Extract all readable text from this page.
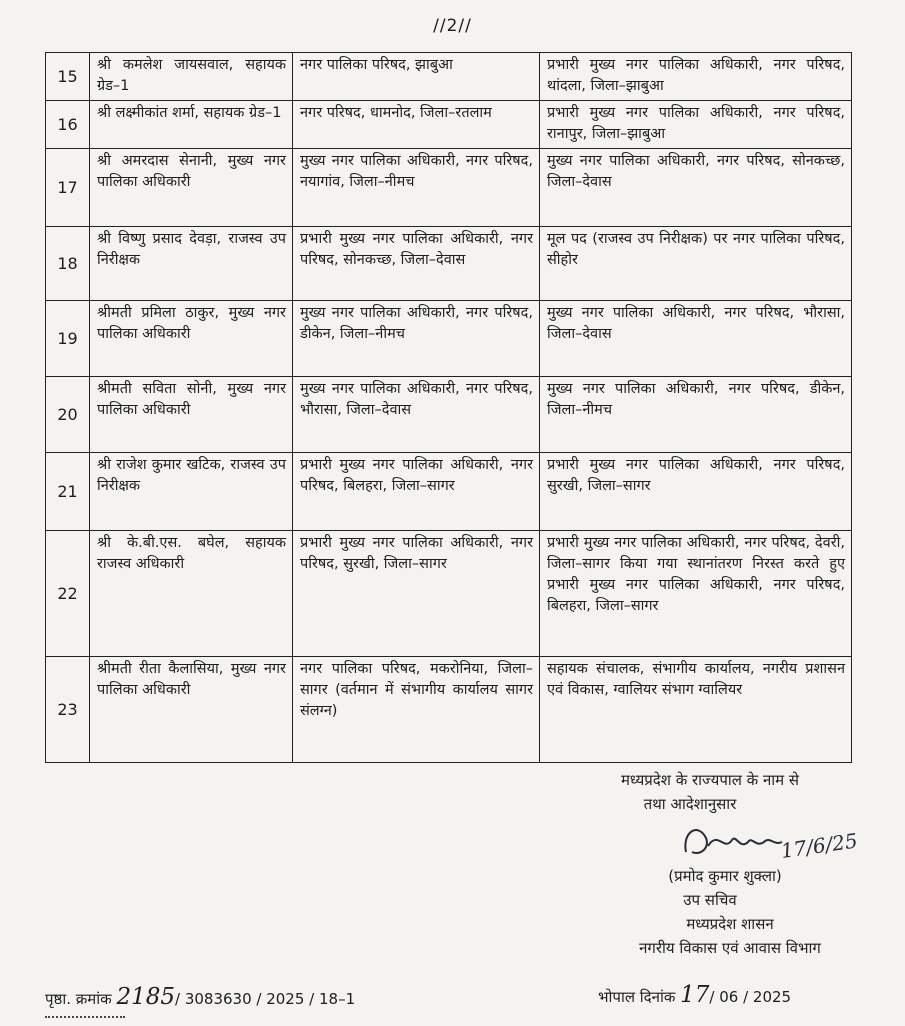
//2//
15	श्री कमलेश जायसवाल, सहायक ग्रेड–1	नगर पालिका परिषद, झाबुआ	प्रभारी मुख्य नगर पालिका अधिकारी, नगर परिषद, थांदला, जिला–झाबुआ
16	श्री लक्ष्मीकांत शर्मा, सहायक ग्रेड–1	नगर परिषद, धामनोद, जिला–रतलाम	प्रभारी मुख्य नगर पालिका अधिकारी, नगर परिषद, रानापुर, जिला–झाबुआ
17	श्री अमरदास सेनानी, मुख्य नगर पालिका अधिकारी	मुख्य नगर पालिका अधिकारी, नगर परिषद, नयागांव, जिला–नीमच	मुख्य नगर पालिका अधिकारी, नगर परिषद, सोनकच्छ, जिला–देवास
18	श्री विष्णु प्रसाद देवड़ा, राजस्व उप निरीक्षक	प्रभारी मुख्य नगर पालिका अधिकारी, नगर परिषद, सोनकच्छ, जिला–देवास	मूल पद (राजस्व उप निरीक्षक) पर नगर पालिका परिषद, सीहोर
19	श्रीमती प्रमिला ठाकुर, मुख्य नगर पालिका अधिकारी	मुख्य नगर पालिका अधिकारी, नगर परिषद, डीकेन, जिला–नीमच	मुख्य नगर पालिका अधिकारी, नगर परिषद, भौरासा, जिला–देवास
20	श्रीमती सविता सोनी, मुख्य नगर पालिका अधिकारी	मुख्य नगर पालिका अधिकारी, नगर परिषद, भौरासा, जिला–देवास	मुख्य नगर पालिका अधिकारी, नगर परिषद, डीकेन, जिला–नीमच
21	श्री राजेश कुमार खटिक, राजस्व उप निरीक्षक	प्रभारी मुख्य नगर पालिका अधिकारी, नगर परिषद, बिलहरा, जिला–सागर	प्रभारी मुख्य नगर पालिका अधिकारी, नगर परिषद, सुरखी, जिला–सागर
22	श्री के.बी.एस. बघेल, सहायक राजस्व अधिकारी	प्रभारी मुख्य नगर पालिका अधिकारी, नगर परिषद, सुरखी, जिला–सागर	प्रभारी मुख्य नगर पालिका अधिकारी, नगर परिषद, देवरी, जिला–सागर किया गया स्थानांतरण निरस्त करते हुए प्रभारी मुख्य नगर पालिका अधिकारी, नगर परिषद, बिलहरा, जिला–सागर
23	श्रीमती रीता कैलासिया, मुख्य नगर पालिका अधिकारी	नगर पालिका परिषद, मकरोनिया, जिला–सागर (वर्तमान में संभागीय कार्यालय सागर संलग्न)	सहायक संचालक, संभागीय कार्यालय, नगरीय प्रशासन एवं विकास, ग्वालियर संभाग ग्वालियर
मध्यप्रदेश के राज्यपाल के नाम से
तथा आदेशानुसार
(प्रमोद कुमार शुक्ला)
उप सचिव
मध्यप्रदेश शासन
नगरीय विकास एवं आवास विभाग
17/6/25
पृष्ठा. क्रमांक 2185/ 3083630 / 2025 / 18–1	भोपाल दिनांक 17/ 06 / 2025
